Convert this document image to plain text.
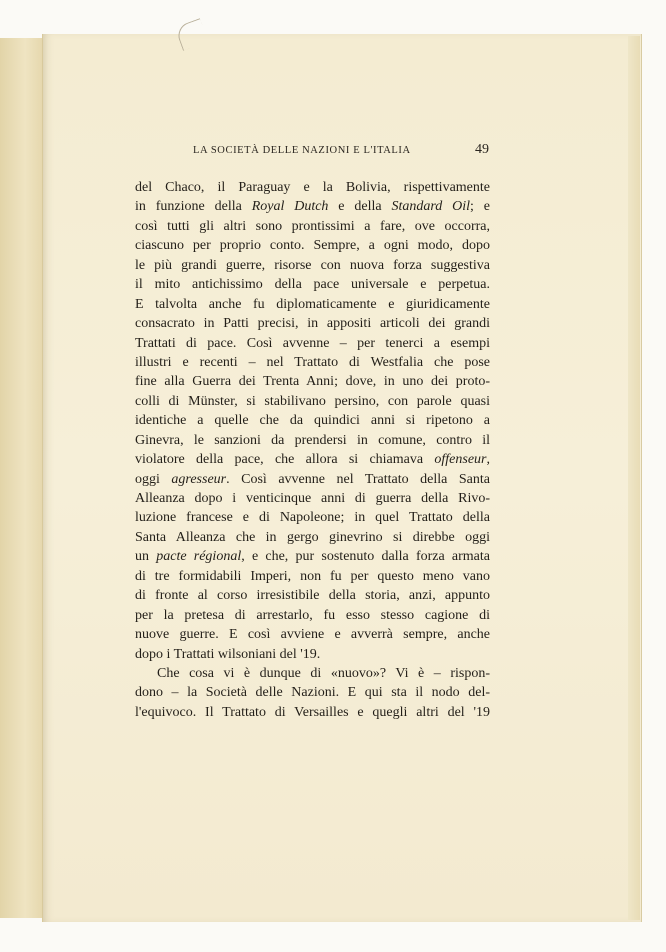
LA SOCIETÀ DELLE NAZIONI E L'ITALIA	49
del Chaco, il Paraguay e la Bolivia, rispettivamente
in funzione della Royal Dutch e della Standard Oil; e
così tutti gli altri sono prontissimi a fare, ove occorra,
ciascuno per proprio conto. Sempre, a ogni modo, dopo
le più grandi guerre, risorse con nuova forza suggestiva
il mito antichissimo della pace universale e perpetua.
E talvolta anche fu diplomaticamente e giuridicamente
consacrato in Patti precisi, in appositi articoli dei grandi
Trattati di pace. Così avvenne – per tenerci a esempi
illustri e recenti – nel Trattato di Westfalia che pose
fine alla Guerra dei Trenta Anni; dove, in uno dei proto-
colli di Münster, si stabilivano persino, con parole quasi
identiche a quelle che da quindici anni si ripetono a
Ginevra, le sanzioni da prendersi in comune, contro il
violatore della pace, che allora si chiamava offenseur,
oggi agresseur. Così avvenne nel Trattato della Santa
Alleanza dopo i venticinque anni di guerra della Rivo-
luzione francese e di Napoleone; in quel Trattato della
Santa Alleanza che in gergo ginevrino si direbbe oggi
un pacte régional, e che, pur sostenuto dalla forza armata
di tre formidabili Imperi, non fu per questo meno vano
di fronte al corso irresistibile della storia, anzi, appunto
per la pretesa di arrestarlo, fu esso stesso cagione di
nuove guerre. E così avviene e avverrà sempre, anche
dopo i Trattati wilsoniani del '19.
Che cosa vi è dunque di «nuovo»? Vi è – rispon-
dono – la Società delle Nazioni. E qui sta il nodo del-
l'equivoco. Il Trattato di Versailles e quegli altri del '19
